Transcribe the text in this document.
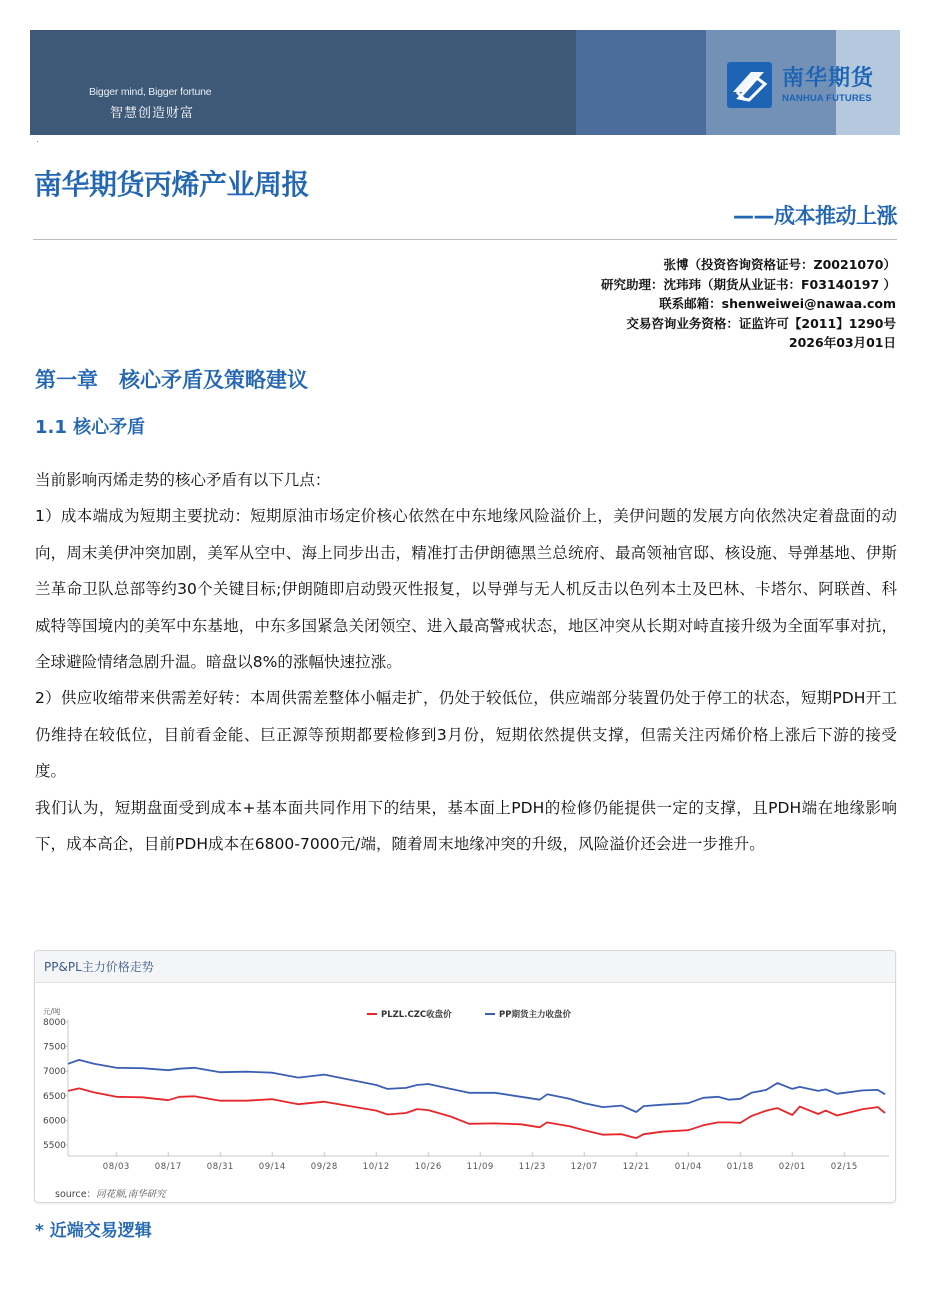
Bigger mind, Bigger fortune
智慧创造财富
南华期货
NANHUA FUTURES
南华期货丙烯产业周报
——成本推动上涨
张博（投资咨询资格证号：Z0021070）
研究助理：沈玮玮（期货从业证书：F03140197 ）
联系邮箱：shenweiwei@nawaa.com
交易咨询业务资格：证监许可【2011】1290号
2026年03月01日
第一章　核心矛盾及策略建议
1.1 核心矛盾

当前影响丙烯走势的核心矛盾有以下几点：

1）成本端成为短期主要扰动：短期原油市场定价核心依然在中东地缘风险溢价上，美伊问题的发展方向依然决定着盘面的动向，周末美伊冲突加剧，美军从空中、海上同步出击，精准打击伊朗德黑兰总统府、最高领袖官邸、核设施、导弹基地、伊斯兰革命卫队总部等约30个关键目标;伊朗随即启动毁灭性报复，以导弹与无人机反击以色列本土及巴林、卡塔尔、阿联酋、科威特等国境内的美军中东基地，中东多国紧急关闭领空、进入最高警戒状态，地区冲突从长期对峙直接升级为全面军事对抗，全球避险情绪急剧升温。暗盘以8%的涨幅快速拉涨。

2）供应收缩带来供需差好转：本周供需差整体小幅走扩，仍处于较低位，供应端部分装置仍处于停工的状态，短期PDH开工仍维持在较低位，目前看金能、巨正源等预期都要检修到3月份，短期依然提供支撑，但需关注丙烯价格上涨后下游的接受度。

我们认为，短期盘面受到成本+基本面共同作用下的结果，基本面上PDH的检修仍能提供一定的支撑，且PDH端在地缘影响下，成本高企，目前PDH成本在6800-7000元/端，随着周末地缘冲突的升级，风险溢价还会进一步推升。

PP&PL主力价格走势
元/吨
8000
7500
7000
6500
6000
5500
08/03	08/17	08/31	09/14	09/28	10/12	10/26	11/09	11/23	12/07	12/21	01/04	01/18	02/01	02/15
PLZL.CZC收盘价	PP期货主力收盘价
source：同花顺,南华研究
* 近端交易逻辑
